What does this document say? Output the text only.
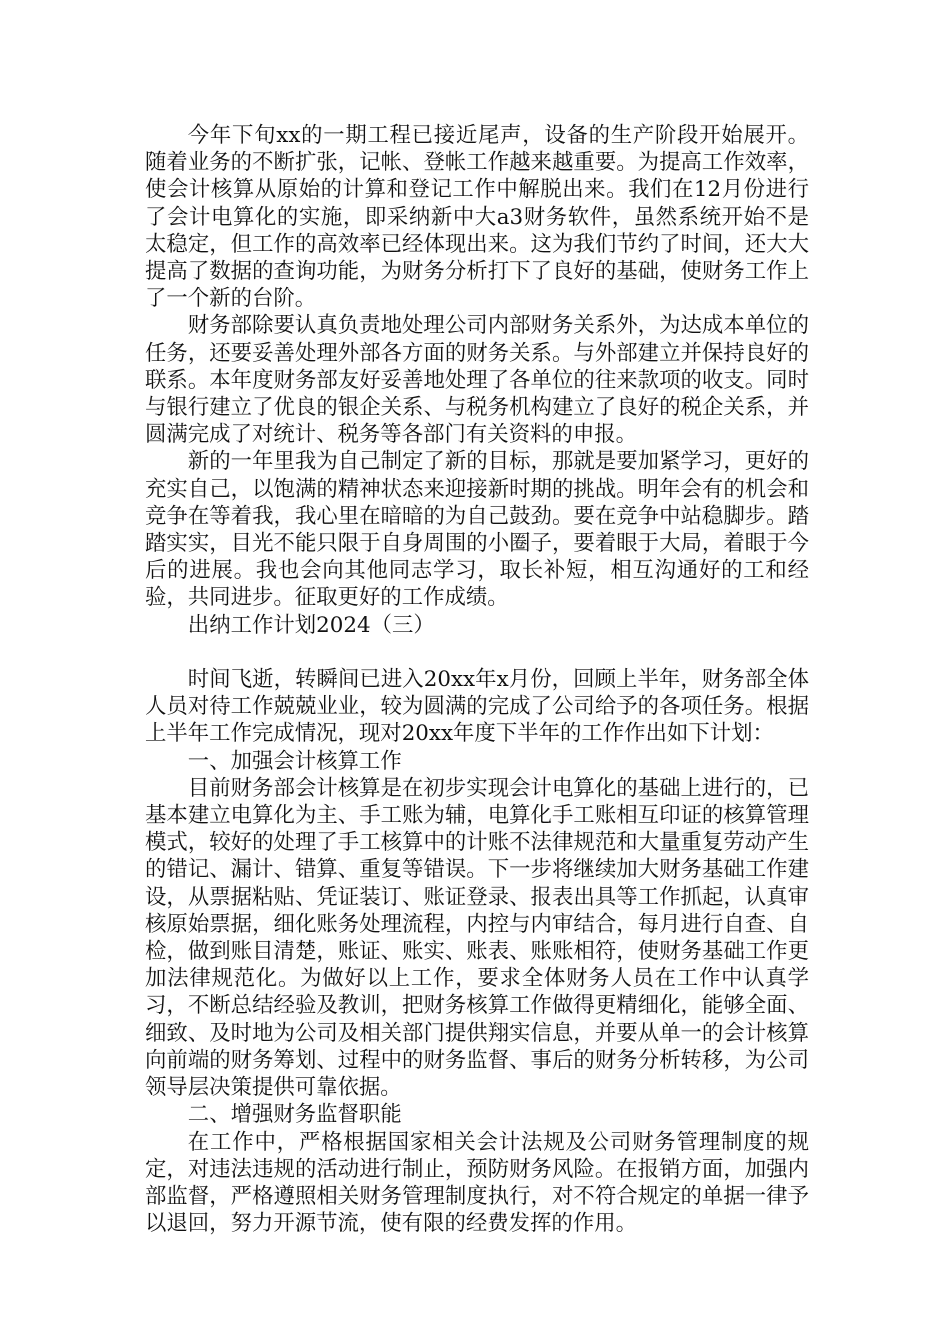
今年下旬xx的一期工程已接近尾声，设备的生产阶段开始展开。随着业务的不断扩张，记帐、登帐工作越来越重要。为提高工作效率，使会计核算从原始的计算和登记工作中解脱出来。我们在12月份进行了会计电算化的实施，即采纳新中大a3财务软件，虽然系统开始不是太稳定，但工作的高效率已经体现出来。这为我们节约了时间，还大大提高了数据的查询功能，为财务分析打下了良好的基础，使财务工作上了一个新的台阶。

财务部除要认真负责地处理公司内部财务关系外，为达成本单位的任务，还要妥善处理外部各方面的财务关系。与外部建立并保持良好的联系。本年度财务部友好妥善地处理了各单位的往来款项的收支。同时与银行建立了优良的银企关系、与税务机构建立了良好的税企关系，并圆满完成了对统计、税务等各部门有关资料的申报。

新的一年里我为自己制定了新的目标，那就是要加紧学习，更好的充实自己，以饱满的精神状态来迎接新时期的挑战。明年会有的机会和竞争在等着我，我心里在暗暗的为自己鼓劲。要在竞争中站稳脚步。踏踏实实，目光不能只限于自身周围的小圈子，要着眼于大局，着眼于今后的进展。我也会向其他同志学习，取长补短，相互沟通好的工和经验，共同进步。征取更好的工作成绩。

出纳工作计划2024（三）

时间飞逝，转瞬间已进入20xx年x月份，回顾上半年，财务部全体人员对待工作兢兢业业，较为圆满的完成了公司给予的各项任务。根据上半年工作完成情况，现对20xx年度下半年的工作作出如下计划：

一、加强会计核算工作

目前财务部会计核算是在初步实现会计电算化的基础上进行的，已基本建立电算化为主、手工账为辅，电算化手工账相互印证的核算管理模式，较好的处理了手工核算中的计账不法律规范和大量重复劳动产生的错记、漏计、错算、重复等错误。下一步将继续加大财务基础工作建设，从票据粘贴、凭证装订、账证登录、报表出具等工作抓起，认真审核原始票据，细化账务处理流程，内控与内审结合，每月进行自查、自检，做到账目清楚，账证、账实、账表、账账相符，使财务基础工作更加法律规范化。为做好以上工作，要求全体财务人员在工作中认真学习，不断总结经验及教训，把财务核算工作做得更精细化，能够全面、细致、及时地为公司及相关部门提供翔实信息，并要从单一的会计核算向前端的财务筹划、过程中的财务监督、事后的财务分析转移，为公司领导层决策提供可靠依据。

二、增强财务监督职能

在工作中，严格根据国家相关会计法规及公司财务管理制度的规定，对违法违规的活动进行制止，预防财务风险。在报销方面，加强内部监督，严格遵照相关财务管理制度执行，对不符合规定的单据一律予以退回，努力开源节流，使有限的经费发挥的作用。
